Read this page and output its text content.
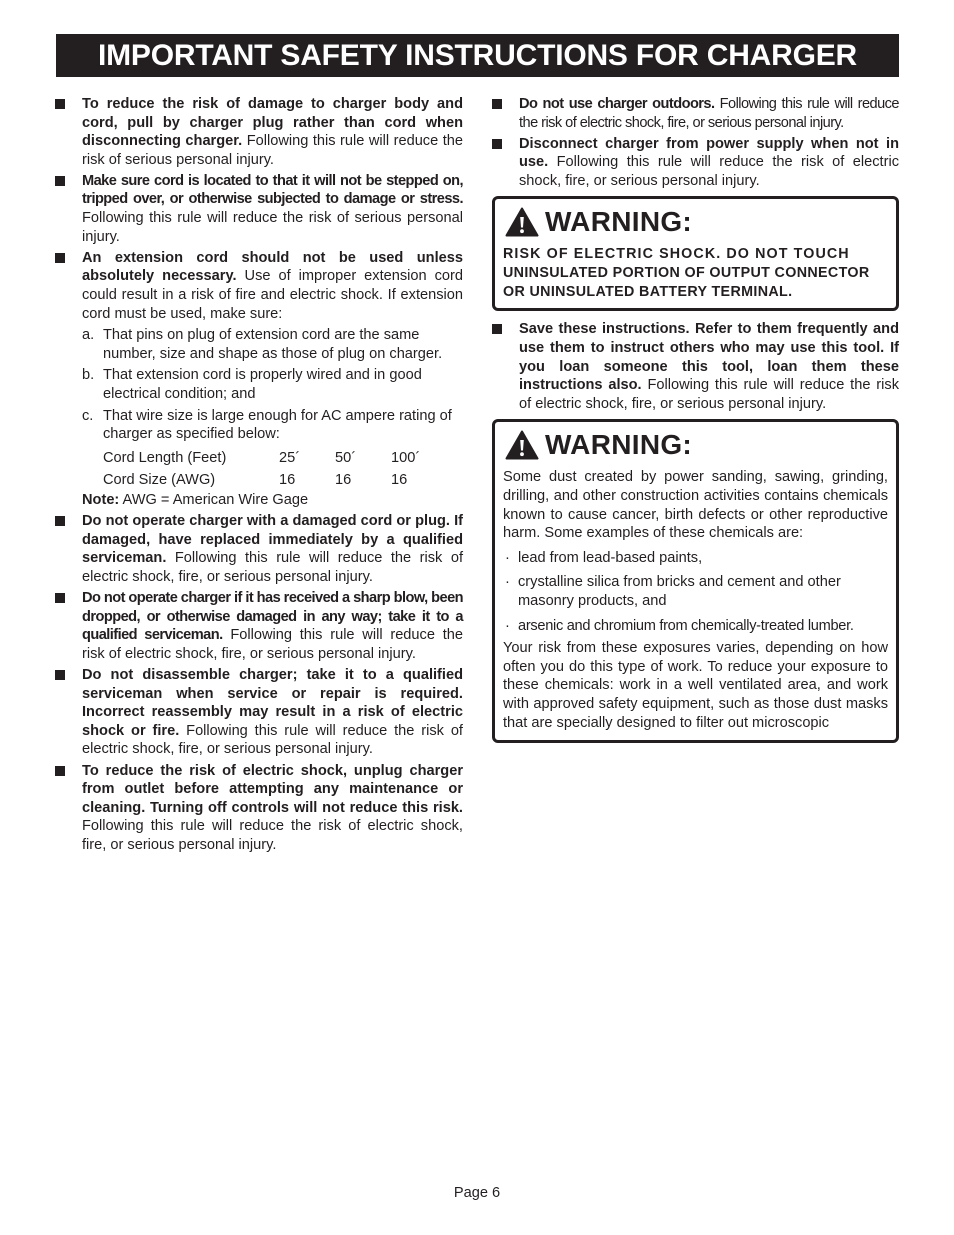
IMPORTANT SAFETY INSTRUCTIONS FOR CHARGER
To reduce the risk of damage to charger body and cord, pull by charger plug rather than cord when disconnecting charger. Following this rule will reduce the risk of serious personal injury.
Make sure cord is located to that it will not be stepped on, tripped over, or otherwise subjected to damage or stress. Following this rule will reduce the risk of serious personal injury.
An extension cord should not be used unless absolutely necessary. Use of improper extension cord could result in a risk of fire and electric shock. If extension cord must be used, make sure:
a. That pins on plug of extension cord are the same number, size and shape as those of plug on charger.
b. That extension cord is properly wired and in good electrical condition; and
c. That wire size is large enough for AC ampere rating of charger as specified below:
Cord Length (Feet)	25´ 50´ 100´
Cord Size (AWG)	16	16	16
Note: AWG = American Wire Gage
Do not operate charger with a damaged cord or plug. If damaged, have replaced immediately by a qualified serviceman. Following this rule will reduce the risk of electric shock, fire, or serious personal injury.
Do not operate charger if it has received a sharp blow, been dropped, or otherwise damaged in any way; take it to a qualified serviceman. Following this rule will reduce the risk of electric shock, fire, or serious personal injury.
Do not disassemble charger; take it to a qualified serviceman when service or repair is required. Incorrect reassembly may result in a risk of electric shock or fire. Following this rule will reduce the risk of electric shock, fire, or serious personal injury.
To reduce the risk of electric shock, unplug charger from outlet before attempting any maintenance or cleaning. Turning off controls will not reduce this risk. Following this rule will reduce the risk of electric shock, fire, or serious personal injury.
Do not use charger outdoors. Following this rule will reduce the risk of electric shock, fire, or serious personal injury.
Disconnect charger from power supply when not in use. Following this rule will reduce the risk of electric shock, fire, or serious personal injury.
WARNING:
RISK OF ELECTRIC SHOCK. DO NOT TOUCH
UNINSULATED PORTION OF OUTPUT CONNECTOR
OR UNINSULATED BATTERY TERMINAL.
Save these instructions. Refer to them frequently and use them to instruct others who may use this tool. If you loan someone this tool, loan them these instructions also. Following this rule will reduce the risk of electric shock, fire, or serious personal injury.
WARNING:
Some dust created by power sanding, sawing, grinding, drilling, and other construction activities contains chemicals known to cause cancer, birth defects or other reproductive harm. Some examples of these chemicals are:
· lead from lead-based paints,
· crystalline silica from bricks and cement and other masonry products, and
· arsenic and chromium from chemically-treated lumber.
Your risk from these exposures varies, depending on how often you do this type of work. To reduce your exposure to these chemicals: work in a well ventilated area, and work with approved safety equipment, such as those dust masks that are specially designed to filter out microscopic
Page 6
